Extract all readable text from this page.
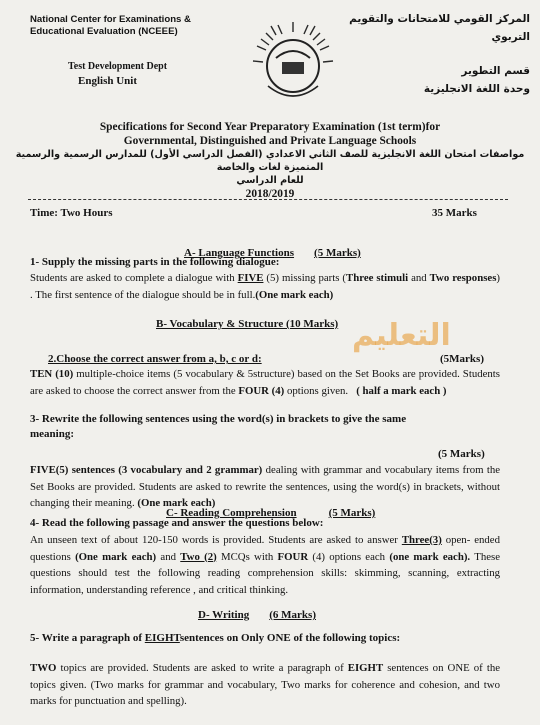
National Center for Examinations &
Educational Evaluation (NCEEE)
المركز القومي للامتحانات والتقويم
التربوي
Test Development Dept
English Unit
قسم التطوير
وحدة اللغة الانجليزية
Specifications for Second Year Preparatory Examination (1st term)for
Governmental, Distinguished and Private Language Schools
مواصفات امتحان اللغة الانجليزية للصف الثاني الاعدادي (الفصل الدراسي الأول) للمدارس الرسمية والرسمية
المتميزة لغات والخاصة
للعام الدراسي
2018/2019
Time: Two Hours	35 Marks
A- Language Functions (5 Marks)
1- Supply the missing parts in the following dialogue:
Students are asked to complete a dialogue with FIVE (5) missing parts (Three stimuli and Two responses) . The first sentence of the dialogue should be in full.(One mark each)
B- Vocabulary & Structure (10 Marks) التعليم
2.Choose the correct answer from a, b, c or d:	(5Marks)
TEN (10) multiple-choice items (5 vocabulary & 5structure) based on the Set Books are provided. Students are asked to choose the correct answer from the FOUR (4) options given. ( half a mark each )
3- Rewrite the following sentences using the word(s) in brackets to give the same
meaning:
(5 Marks)
FIVE(5) sentences (3 vocabulary and 2 grammar) dealing with grammar and vocabulary items from the Set Books are provided. Students are asked to rewrite the sentences, using the word(s) in brackets, without changing their meaning. (One mark each)
C- Reading Comprehension	(5 Marks)
4- Read the following passage and answer the questions below:
An unseen text of about 120-150 words is provided. Students are asked to answer Three(3) open- ended questions (One mark each) and Two (2) MCQs with FOUR (4) options each (one mark each). These questions should test the following reading comprehension skills: skimming, scanning, extracting information, understanding reference , and critical thinking.
D- Writing (6 Marks)
5- Write a paragraph of EIGHTsentences on Only ONE of the following topics:
TWO topics are provided. Students are asked to write a paragraph of EIGHT sentences on ONE of the topics given. (Two marks for grammar and vocabulary, Two marks for coherence and cohesion, and two marks for punctuation and spelling).
